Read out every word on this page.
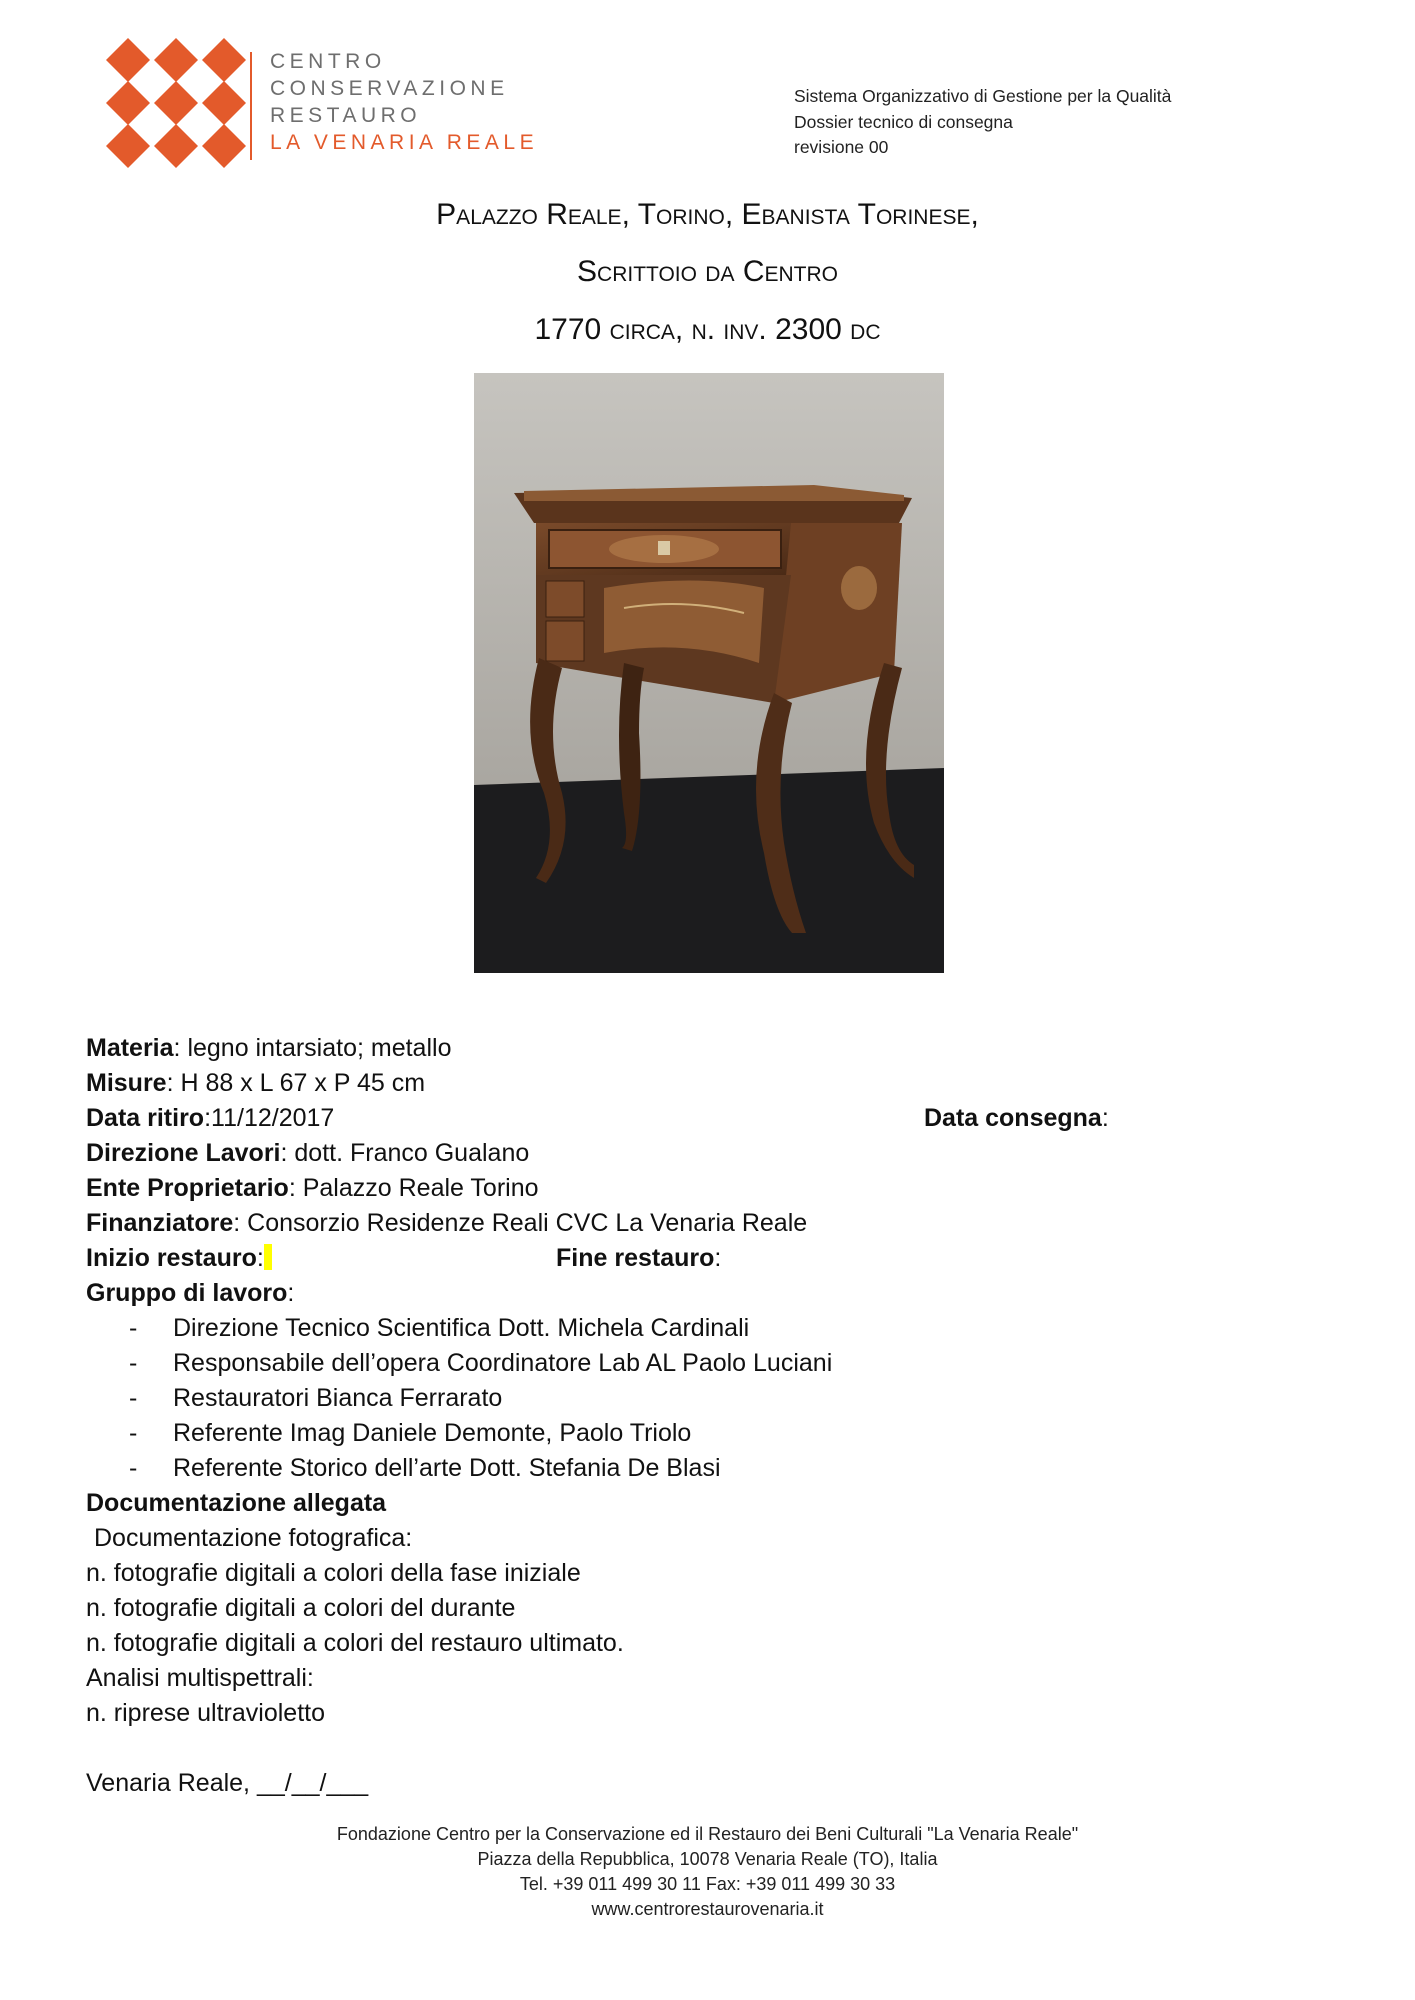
CENTRO
CONSERVAZIONE
RESTAURO
LA VENARIA REALE
Sistema Organizzativo di Gestione per la Qualità
Dossier tecnico di consegna
revisione 00
Palazzo Reale, Torino, Ebanista Torinese,
Scrittoio da Centro
1770 circa, n. inv. 2300 dc
Materia: legno intarsiato; metallo
Misure: H 88 x L 67 x P 45 cm
Data ritiro:11/12/2017	Data consegna:
Direzione Lavori: dott. Franco Gualano
Ente Proprietario: Palazzo Reale Torino
Finanziatore: Consorzio Residenze Reali CVC La Venaria Reale
Inizio restauro:	Fine restauro:
Gruppo di lavoro:
- Direzione Tecnico Scientifica Dott. Michela Cardinali
- Responsabile dell’opera Coordinatore Lab AL Paolo Luciani
- Restauratori Bianca Ferrarato
- Referente Imag Daniele Demonte, Paolo Triolo
- Referente Storico dell’arte Dott. Stefania De Blasi
Documentazione allegata
Documentazione fotografica:
n. fotografie digitali a colori della fase iniziale
n. fotografie digitali a colori del durante
n. fotografie digitali a colori del restauro ultimato.
Analisi multispettrali:
n. riprese ultravioletto
Venaria Reale, __/__/___
Fondazione Centro per la Conservazione ed il Restauro dei Beni Culturali "La Venaria Reale"
Piazza della Repubblica, 10078 Venaria Reale (TO), Italia
Tel. +39 011 499 30 11 Fax: +39 011 499 30 33
www.centrorestaurovenaria.it
